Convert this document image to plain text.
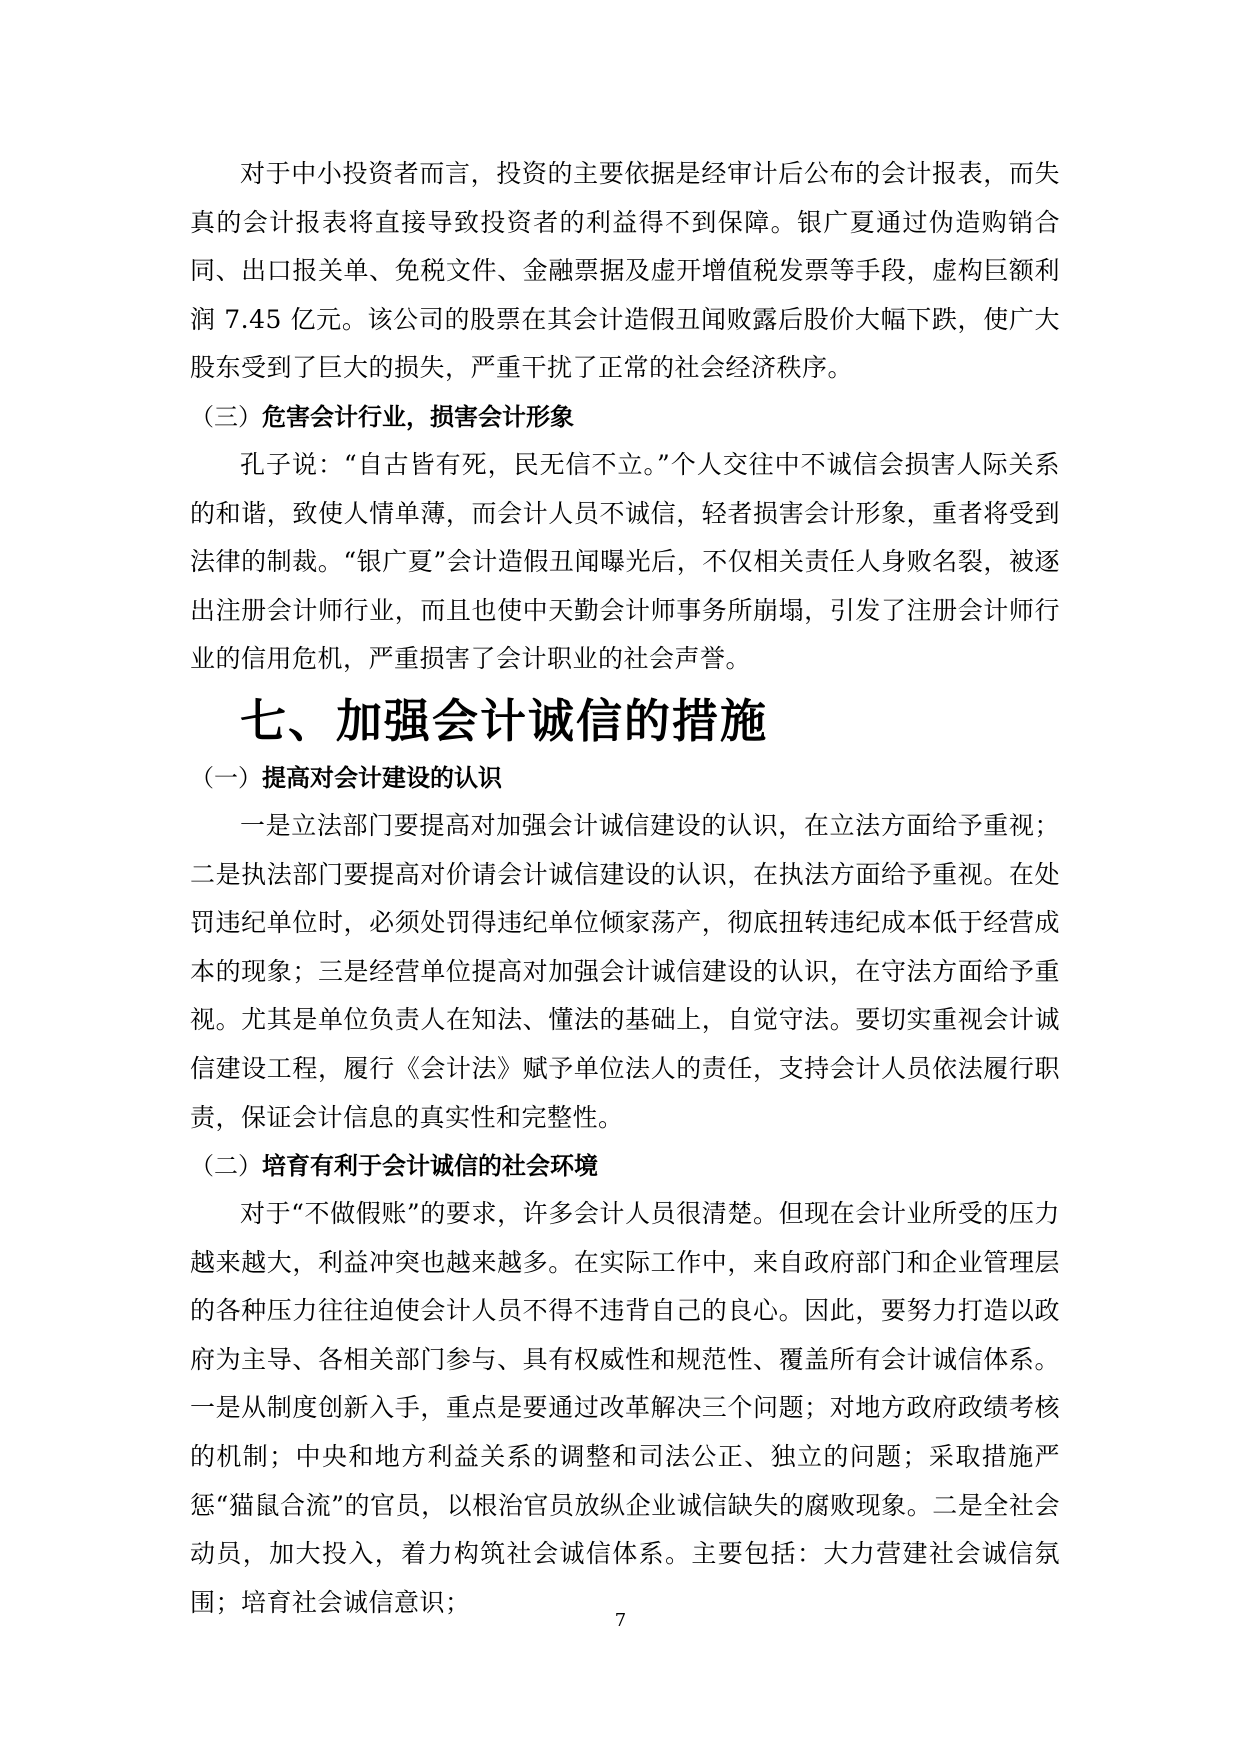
对于中小投资者而言，投资的主要依据是经审计后公布的会计报表，而失真的会计报表将直接导致投资者的利益得不到保障。银广夏通过伪造购销合同、出口报关单、免税文件、金融票据及虚开增值税发票等手段，虚构巨额利润 7.45 亿元。该公司的股票在其会计造假丑闻败露后股价大幅下跌，使广大股东受到了巨大的损失，严重干扰了正常的社会经济秩序。

（三）危害会计行业，损害会计形象

孔子说：“自古皆有死，民无信不立。”个人交往中不诚信会损害人际关系的和谐，致使人情单薄，而会计人员不诚信，轻者损害会计形象，重者将受到法律的制裁。“银广夏”会计造假丑闻曝光后，不仅相关责任人身败名裂，被逐出注册会计师行业，而且也使中天勤会计师事务所崩塌，引发了注册会计师行业的信用危机，严重损害了会计职业的社会声誉。

七、加强会计诚信的措施
（一）提高对会计建设的认识

一是立法部门要提高对加强会计诚信建设的认识，在立法方面给予重视；二是执法部门要提高对价请会计诚信建设的认识，在执法方面给予重视。在处罚违纪单位时，必须处罚得违纪单位倾家荡产，彻底扭转违纪成本低于经营成本的现象；三是经营单位提高对加强会计诚信建设的认识，在守法方面给予重视。尤其是单位负责人在知法、懂法的基础上，自觉守法。要切实重视会计诚信建设工程，履行《会计法》赋予单位法人的责任，支持会计人员依法履行职责，保证会计信息的真实性和完整性。

（二）培育有利于会计诚信的社会环境

对于“不做假账”的要求，许多会计人员很清楚。但现在会计业所受的压力越来越大，利益冲突也越来越多。在实际工作中，来自政府部门和企业管理层的各种压力往往迫使会计人员不得不违背自己的良心。因此，要努力打造以政府为主导、各相关部门参与、具有权威性和规范性、覆盖所有会计诚信体系。一是从制度创新入手，重点是要通过改革解决三个问题；对地方政府政绩考核的机制；中央和地方利益关系的调整和司法公正、独立的问题；采取措施严惩“猫鼠合流”的官员，以根治官员放纵企业诚信缺失的腐败现象。二是全社会动员，加大投入，着力构筑社会诚信体系。主要包括：大力营建社会诚信氛围；培育社会诚信意识；

7
